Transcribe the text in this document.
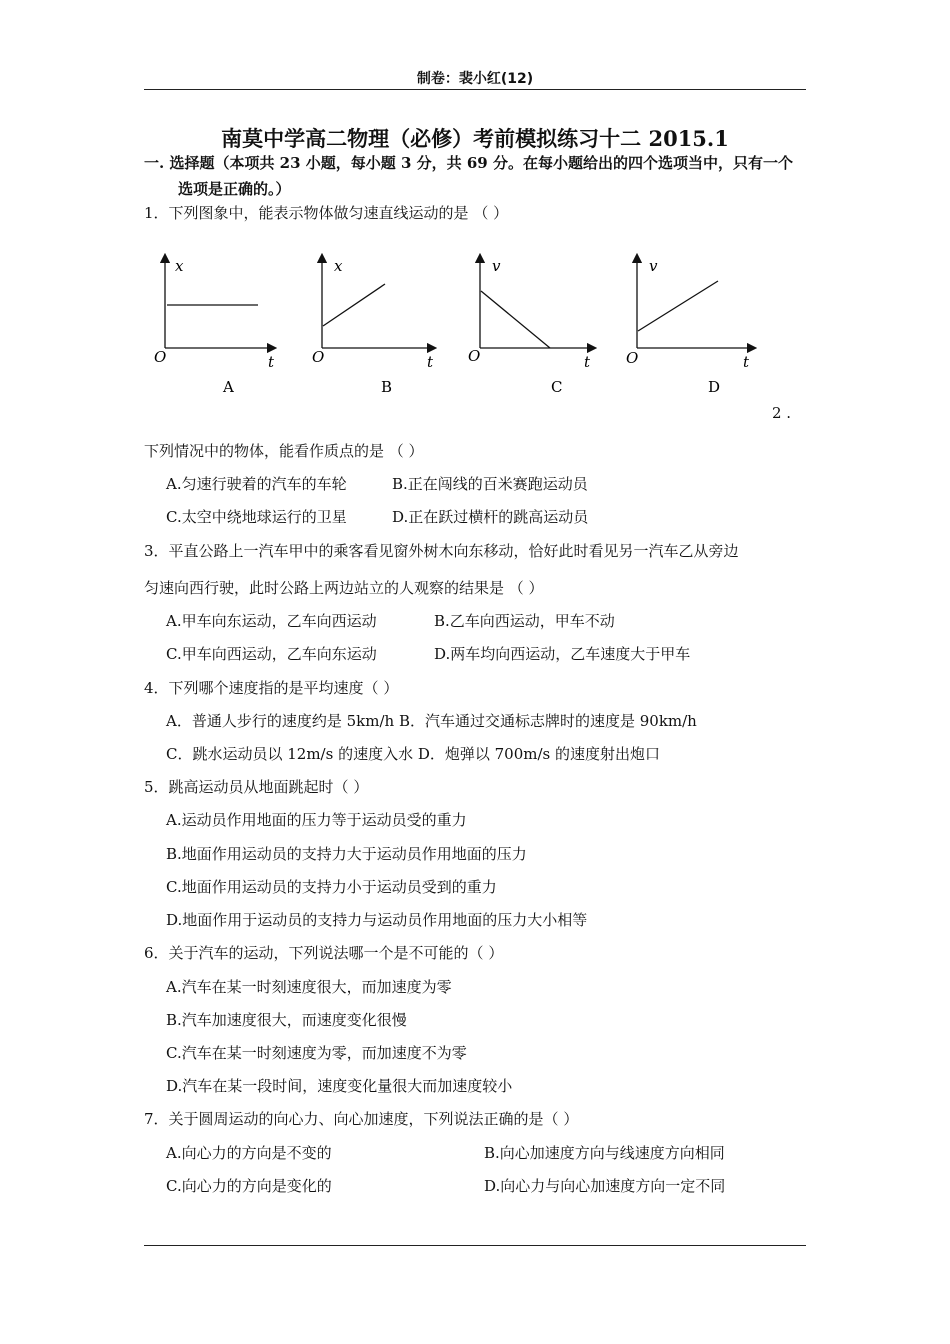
制卷：裴小红(12)
南莫中学高二物理（必修）考前模拟练习十二 2015.1
一. 选择题（本项共 23 小题，每小题 3 分，共 69 分。在每小题给出的四个选项当中，只有一个
选项是正确的。）
1．下列图象中，能表示物体做匀速直线运动的是 （ ）
x
O	t
A
x
O	t
B
v
O	t
C
v
O	t
D
2 .
下列情况中的物体，能看作质点的是 （ ）
A.匀速行驶着的汽车的车轮	B.正在闯线的百米赛跑运动员
C.太空中绕地球运行的卫星	D.正在跃过横杆的跳高运动员
3．平直公路上一汽车甲中的乘客看见窗外树木向东移动，恰好此时看见另一汽车乙从旁边
匀速向西行驶，此时公路上两边站立的人观察的结果是 （ ）
A.甲车向东运动，乙车向西运动	B.乙车向西运动，甲车不动
C.甲车向西运动，乙车向东运动	D.两车均向西运动，乙车速度大于甲车
4．下列哪个速度指的是平均速度（ ）
A．普通人步行的速度约是 5km/h B．汽车通过交通标志牌时的速度是 90km/h
C．跳水运动员以 12m/s 的速度入水 D．炮弹以 700m/s 的速度射出炮口
5．跳高运动员从地面跳起时（ ）
A.运动员作用地面的压力等于运动员受的重力
B.地面作用运动员的支持力大于运动员作用地面的压力
C.地面作用运动员的支持力小于运动员受到的重力
D.地面作用于运动员的支持力与运动员作用地面的压力大小相等
6．关于汽车的运动，下列说法哪一个是不可能的（ ）
A.汽车在某一时刻速度很大，而加速度为零
B.汽车加速度很大，而速度变化很慢
C.汽车在某一时刻速度为零，而加速度不为零
D.汽车在某一段时间，速度变化量很大而加速度较小
7．关于圆周运动的向心力、向心加速度，下列说法正确的是（ ）
A.向心力的方向是不变的	B.向心加速度方向与线速度方向相同
C.向心力的方向是变化的	D.向心力与向心加速度方向一定不同
